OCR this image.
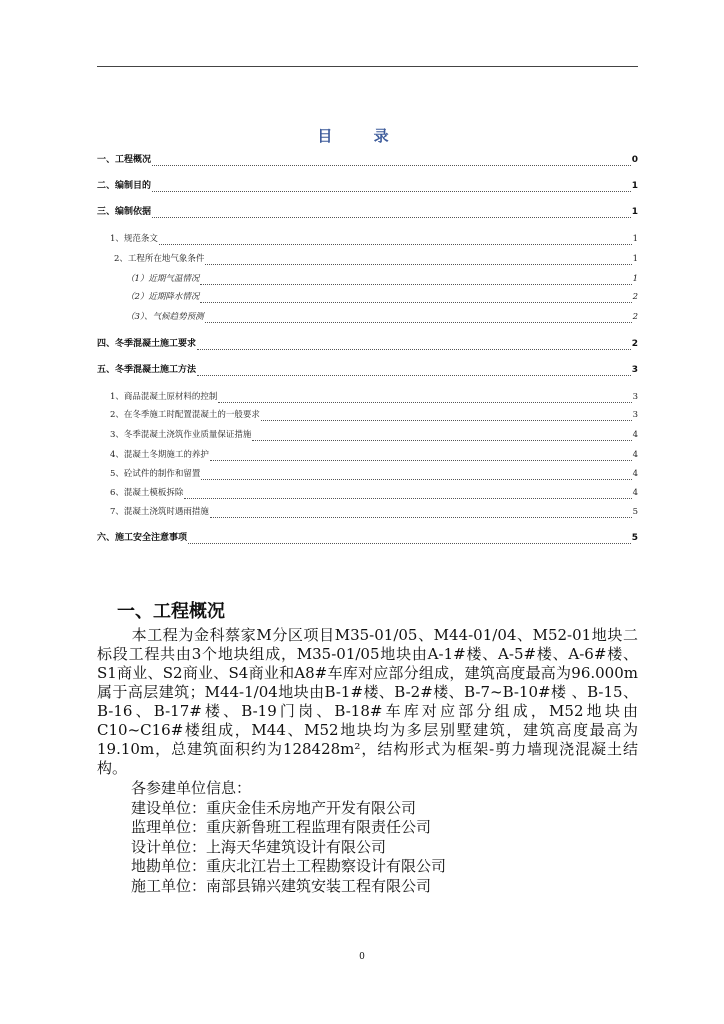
目 录
一、工程概况	0
二、编制目的	1
三、编制依据	1
1、规范条文	1
2、工程所在地气象条件	1
（1）近期气温情况	1
（2）近期降水情况	2
（3）、气候趋势预测	2
四、冬季混凝土施工要求	2
五、冬季混凝土施工方法	3
1、商品混凝土原材料的控制	3
2、在冬季施工时配置混凝土的一般要求	3
3、冬季混凝土浇筑作业质量保证措施	4
4、混凝土冬期施工的养护	4
5、砼试件的制作和留置	4
6、混凝土模板拆除	4
7、混凝土浇筑时遇雨措施	5
六、施工安全注意事项	5
一、工程概况
本工程为金科蔡家M分区项目M35-01/05、M44-01/04、M52-01地块二标段工程共由3个地块组成，M35-01/05地块由A-1#楼、A-5#楼、A-6#楼、S1商业、S2商业、S4商业和A8#车库对应部分组成，建筑高度最高为96.000m属于高层建筑；M44-1/04地块由B-1#楼、B-2#楼、B-7~B-10#楼 、B-15、B-16、B-17#楼、B-19门岗、B-18#车库对应部分组成，M52地块由C10~C16#楼组成，M44、M52地块均为多层别墅建筑，建筑高度最高为19.10m，总建筑面积约为128428m²，结构形式为框架-剪力墙现浇混凝土结构。
各参建单位信息：
建设单位：重庆金佳禾房地产开发有限公司
监理单位：重庆新鲁班工程监理有限责任公司
设计单位：上海天华建筑设计有限公司
地勘单位：重庆北江岩土工程勘察设计有限公司
施工单位：南部县锦兴建筑安装工程有限公司
0
